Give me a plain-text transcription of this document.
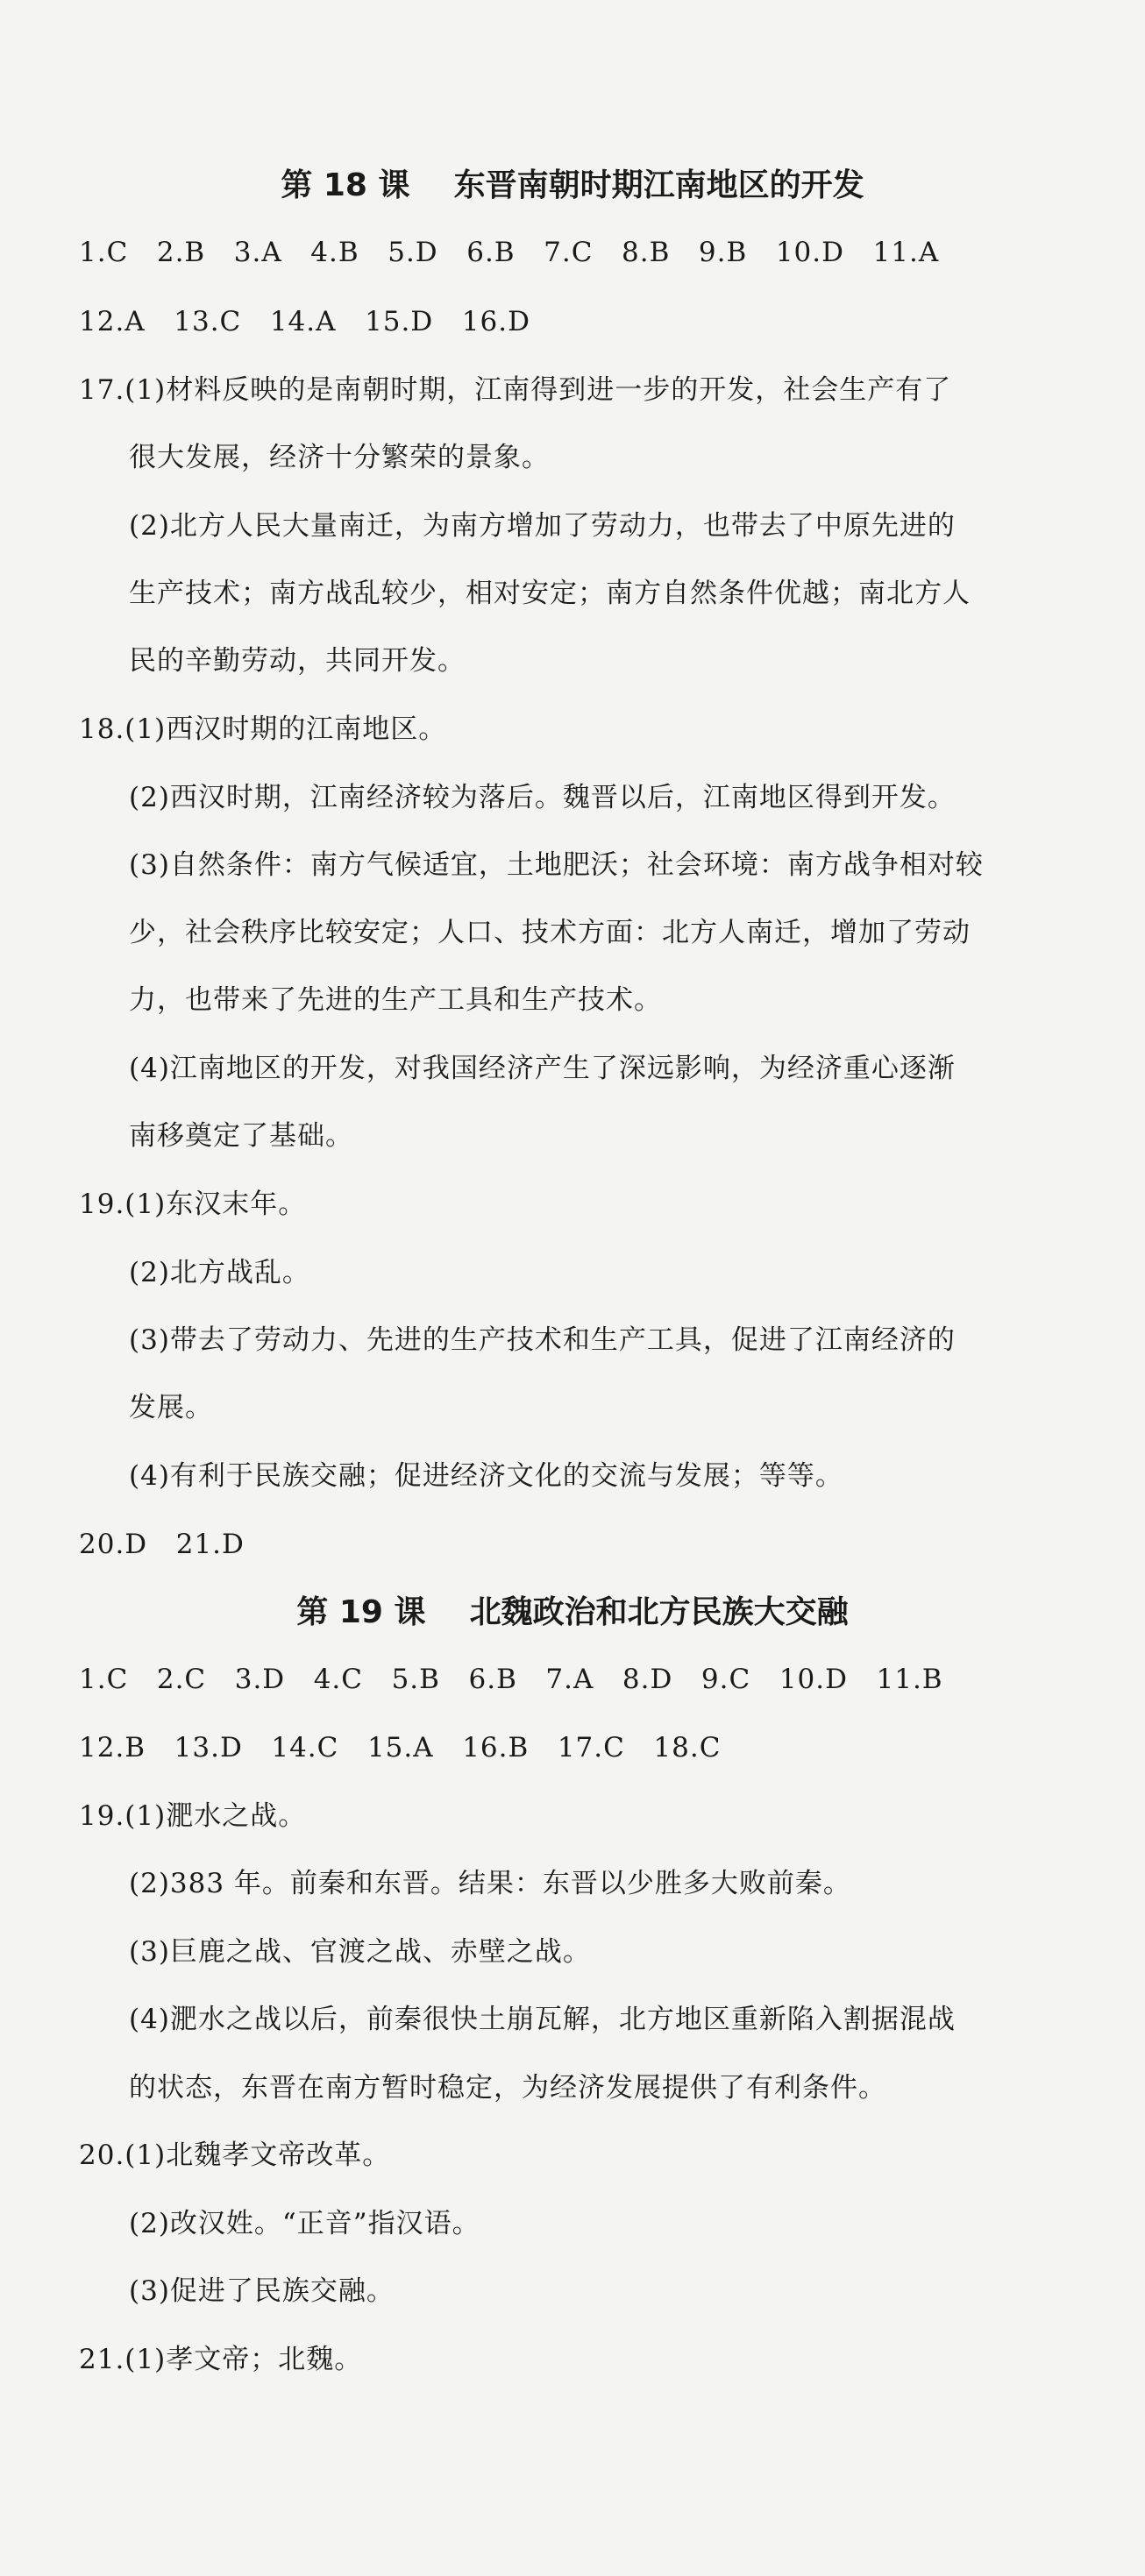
第 18 课    东晋南朝时期江南地区的开发
1.C   2.B   3.A   4.B   5.D   6.B   7.C   8.B   9.B   10.D   11.A
12.A   13.C   14.A   15.D   16.D
17.(1)材料反映的是南朝时期，江南得到进一步的开发，社会生产有了
很大发展，经济十分繁荣的景象。
(2)北方人民大量南迁，为南方增加了劳动力，也带去了中原先进的
生产技术；南方战乱较少，相对安定；南方自然条件优越；南北方人
民的辛勤劳动，共同开发。
18.(1)西汉时期的江南地区。
(2)西汉时期，江南经济较为落后。魏晋以后，江南地区得到开发。
(3)自然条件：南方气候适宜，土地肥沃；社会环境：南方战争相对较
少，社会秩序比较安定；人口、技术方面：北方人南迁，增加了劳动
力，也带来了先进的生产工具和生产技术。
(4)江南地区的开发，对我国经济产生了深远影响，为经济重心逐渐
南移奠定了基础。
19.(1)东汉末年。
(2)北方战乱。
(3)带去了劳动力、先进的生产技术和生产工具，促进了江南经济的
发展。
(4)有利于民族交融；促进经济文化的交流与发展；等等。
20.D   21.D
第 19 课    北魏政治和北方民族大交融
1.C   2.C   3.D   4.C   5.B   6.B   7.A   8.D   9.C   10.D   11.B
12.B   13.D   14.C   15.A   16.B   17.C   18.C
19.(1)淝水之战。
(2)383 年。前秦和东晋。结果：东晋以少胜多大败前秦。
(3)巨鹿之战、官渡之战、赤壁之战。
(4)淝水之战以后，前秦很快土崩瓦解，北方地区重新陷入割据混战
的状态，东晋在南方暂时稳定，为经济发展提供了有利条件。
20.(1)北魏孝文帝改革。
(2)改汉姓。“正音”指汉语。
(3)促进了民族交融。
21.(1)孝文帝；北魏。
